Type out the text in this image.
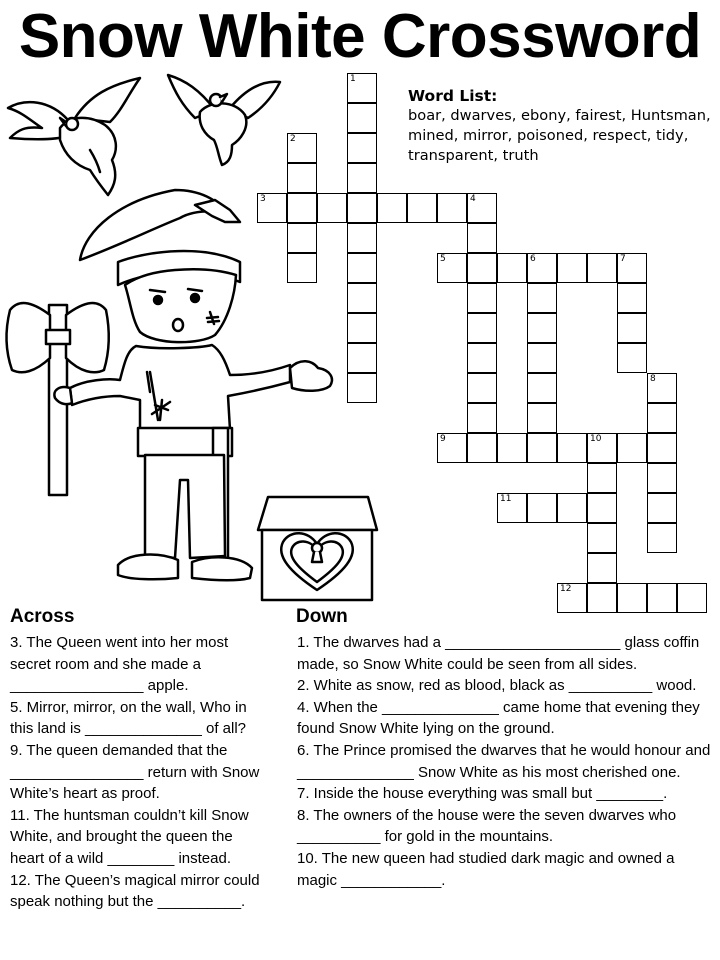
Snow White Crossword
Word List:
boar, dwarves, ebony, fairest, Huntsman, mined, mirror, poisoned, respect, tidy, transparent, truth
1
2
3	4
5	6	7
8
9	10
11
12
Across	Down

3. The Queen went into her most secret room and she made a ________________ apple.

5. Mirror, mirror, on the wall, Who in this land is ______________ of all?

9. The queen demanded that the ________________ return with Snow White’s heart as proof.

11. The huntsman couldn’t kill Snow White, and brought the queen the heart of a wild ________ instead.

12. The Queen’s magical mirror could speak nothing but the __________.

1. The dwarves had a _____________________ glass coffin made, so Snow White could be seen from all sides.

2. White as snow, red as blood, black as __________ wood.

4. When the ______________ came home that evening they found Snow White lying on the ground.

6. The Prince promised the dwarves that he would honour and ______________ Snow White as his most cherished one.

7. Inside the house everything was small but ________.

8. The owners of the house were the seven dwarves who __________ for gold in the mountains.

10. The new queen had studied dark magic and owned a magic ____________.
